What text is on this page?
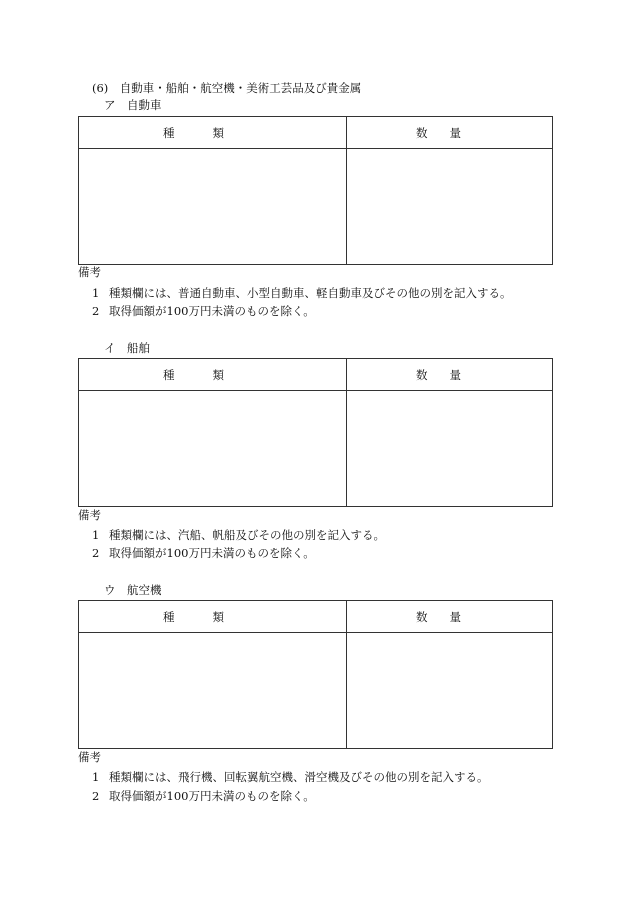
(6)　自動車・船舶・航空機・美術工芸品及び貴金属
ア　自動車
種類	数量

備考
1 種類欄には、普通自動車、小型自動車、軽自動車及びその他の別を記入する。
2 取得価額が100万円未満のものを除く。
イ　船舶
種類	数量

備考
1 種類欄には、汽船、帆船及びその他の別を記入する。
2 取得価額が100万円未満のものを除く。
ウ　航空機
種類	数量

備考
1 種類欄には、飛行機、回転翼航空機、滑空機及びその他の別を記入する。
2 取得価額が100万円未満のものを除く。
